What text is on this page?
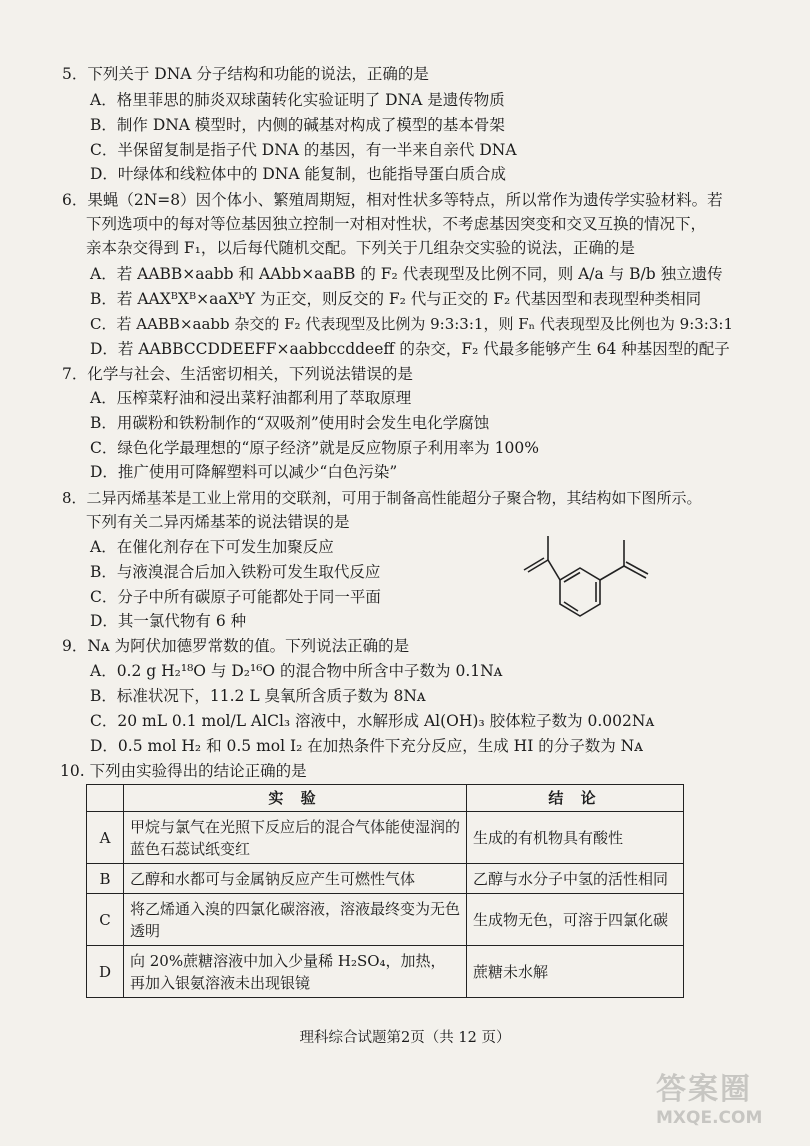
5．下列关于 DNA 分子结构和功能的说法，正确的是
A．格里菲思的肺炎双球菌转化实验证明了 DNA 是遗传物质
B．制作 DNA 模型时，内侧的碱基对构成了模型的基本骨架
C．半保留复制是指子代 DNA 的基因，有一半来自亲代 DNA
D．叶绿体和线粒体中的 DNA 能复制，也能指导蛋白质合成
6．果蝇（2N=8）因个体小、繁殖周期短，相对性状多等特点，所以常作为遗传学实验材料。若
下列选项中的每对等位基因独立控制一对相对性状，不考虑基因突变和交叉互换的情况下，
亲本杂交得到 F₁，以后每代随机交配。下列关于几组杂交实验的说法，正确的是
A．若 AABB×aabb 和 AAbb×aaBB 的 F₂ 代表现型及比例不同，则 A/a 与 B/b 独立遗传
B．若 AAXᴮXᴮ×aaXᵇY 为正交，则反交的 F₂ 代与正交的 F₂ 代基因型和表现型种类相同
C．若 AABB×aabb 杂交的 F₂ 代表现型及比例为 9:3:3:1，则 Fₙ 代表现型及比例也为 9:3:3:1
D．若 AABBCCDDEEFF×aabbccddeeff 的杂交，F₂ 代最多能够产生 64 种基因型的配子
7．化学与社会、生活密切相关，下列说法错误的是
A．压榨菜籽油和浸出菜籽油都利用了萃取原理
B．用碳粉和铁粉制作的“双吸剂”使用时会发生电化学腐蚀
C．绿色化学最理想的“原子经济”就是反应物原子利用率为 100%
D．推广使用可降解塑料可以减少“白色污染”
8．二异丙烯基苯是工业上常用的交联剂，可用于制备高性能超分子聚合物，其结构如下图所示。
下列有关二异丙烯基苯的说法错误的是
A．在催化剂存在下可发生加聚反应
B．与液溴混合后加入铁粉可发生取代反应
C．分子中所有碳原子可能都处于同一平面
D．其一氯代物有 6 种
9．Nᴀ 为阿伏加德罗常数的值。下列说法正确的是
A．0.2 g H₂¹⁸O 与 D₂¹⁶O 的混合物中所含中子数为 0.1Nᴀ
B．标准状况下，11.2 L 臭氧所含质子数为 8Nᴀ
C．20 mL 0.1 mol/L AlCl₃ 溶液中，水解形成 Al(OH)₃ 胶体粒子数为 0.002Nᴀ
D．0.5 mol H₂ 和 0.5 mol I₂ 在加热条件下充分反应，生成 HI 的分子数为 Nᴀ
10. 下列由实验得出的结论正确的是
	实 验	结 论
A	甲烷与氯气在光照下反应后的混合气体能使湿润的蓝色石蕊试纸变红	生成的有机物具有酸性
B	乙醇和水都可与金属钠反应产生可燃性气体	乙醇与水分子中氢的活性相同
C	将乙烯通入溴的四氯化碳溶液，溶液最终变为无色透明	生成物无色，可溶于四氯化碳
D	向 20%蔗糖溶液中加入少量稀 H₂SO₄，加热，再加入银氨溶液未出现银镜	蔗糖未水解
理科综合试题第2页（共 12 页）
答案圈
MXQE.COM
